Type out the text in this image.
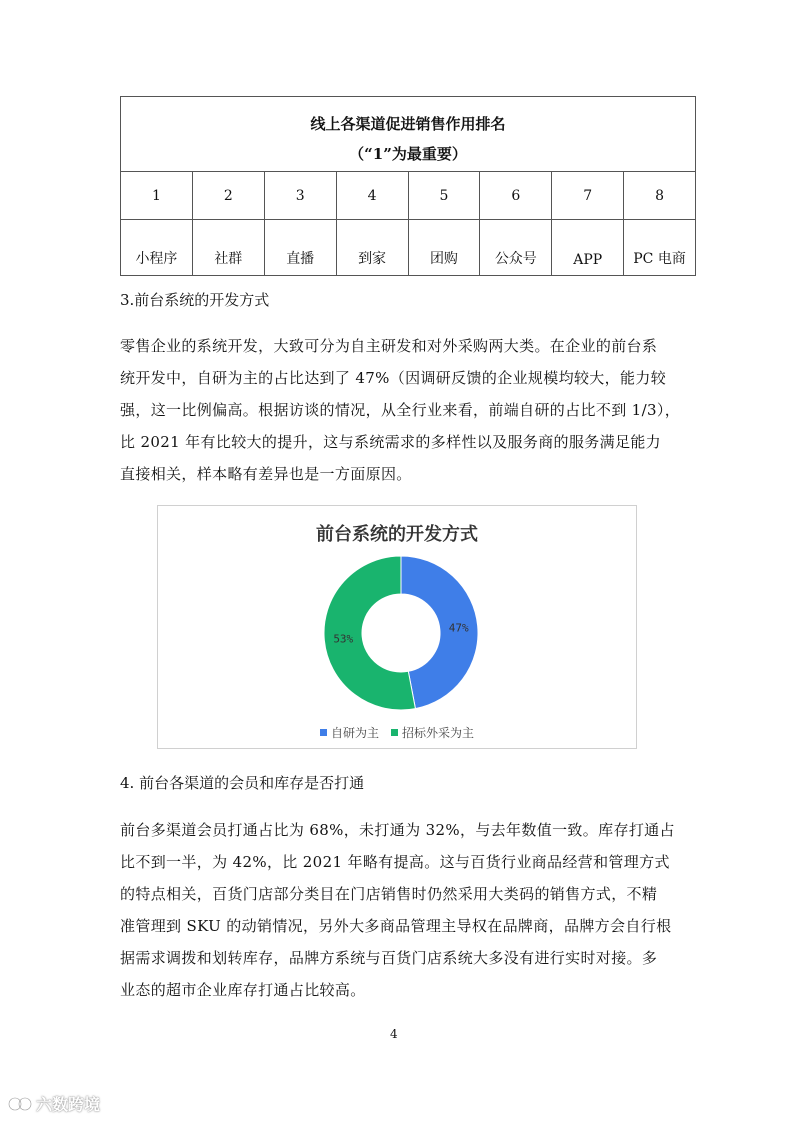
线上各渠道促进销售作用排名
（“1”为最重要）							

1	2	3	4	5	6	7	8
小程序	社群	直播	到家	团购	公众号	APP	PC 电商
3.前台系统的开发方式
零售企业的系统开发，大致可分为自主研发和对外采购两大类。在企业的前台系
统开发中，自研为主的占比达到了 47%（因调研反馈的企业规模均较大，能力较
强，这一比例偏高。根据访谈的情况，从全行业来看，前端自研的占比不到 1/3），
比 2021 年有比较大的提升，这与系统需求的多样性以及服务商的服务满足能力
直接相关，样本略有差异也是一方面原因。
前台系统的开发方式
47%
53%
自研为主 招标外采为主
4. 前台各渠道的会员和库存是否打通
前台多渠道会员打通占比为 68%，未打通为 32%，与去年数值一致。库存打通占
比不到一半，为 42%，比 2021 年略有提高。这与百货行业商品经营和管理方式
的特点相关，百货门店部分类目在门店销售时仍然采用大类码的销售方式，不精
准管理到 SKU 的动销情况，另外大多商品管理主导权在品牌商，品牌方会自行根
据需求调拨和划转库存，品牌方系统与百货门店系统大多没有进行实时对接。多
业态的超市企业库存打通占比较高。
4
六数跨境
